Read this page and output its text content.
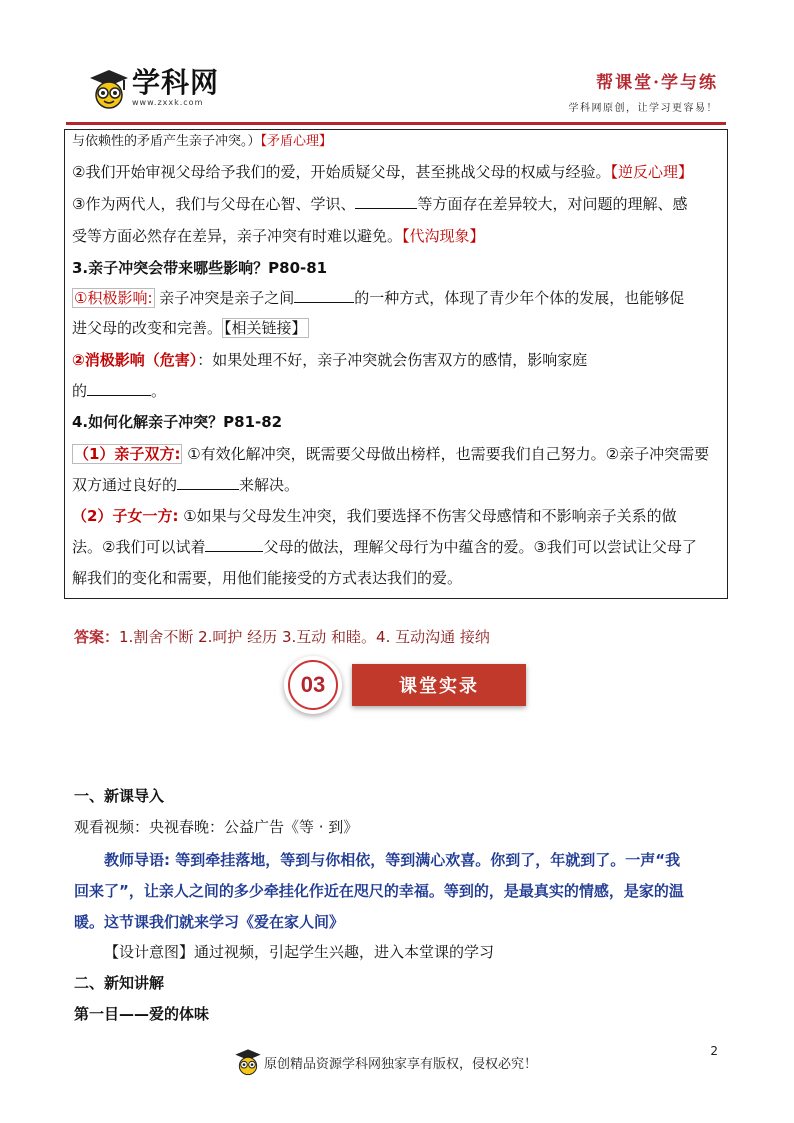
学科网
www.zxxk.com
帮课堂·学与练
学科网原创，让学习更容易！
与依赖性的矛盾产生亲子冲突。）【矛盾心理】
②我们开始审视父母给予我们的爱，开始质疑父母，甚至挑战父母的权威与经验。【逆反心理】
③作为两代人，我们与父母在心智、学识、	等方面存在差异较大，对问题的理解、感
受等方面必然存在差异，亲子冲突有时难以避免。【代沟现象】
3.亲子冲突会带来哪些影响？P80-81
①积极影响: 亲子冲突是亲子之间	的一种方式，体现了青少年个体的发展，也能够促
进父母的改变和完善。 【相关链接】
②消极影响（危害）：如果处理不好，亲子冲突就会伤害双方的感情，影响家庭
的	。
4.如何化解亲子冲突？P81-82
（1）亲子双方: ①有效化解冲突，既需要父母做出榜样，也需要我们自己努力。②亲子冲突需要
双方通过良好的	来解决。
（2）子女一方: ①如果与父母发生冲突，我们要选择不伤害父母感情和不影响亲子关系的做
法。②我们可以试着	父母的做法，理解父母行为中蕴含的爱。③我们可以尝试让父母了
解我们的变化和需要，用他们能接受的方式表达我们的爱。
答案：1.割舍不断 2.呵护 经历 3.互动 和睦。4. 互动沟通 接纳
03	课堂实录
一、新课导入
观看视频：央视春晚：公益广告《等 · 到》
教师导语: 等到牵挂落地，等到与你相依，等到满心欢喜。你到了，年就到了。一声“我
回来了”，让亲人之间的多少牵挂化作近在咫尺的幸福。等到的，是最真实的情感，是家的温
暖。这节课我们就来学习《爱在家人间》
【设计意图】通过视频，引起学生兴趣，进入本堂课的学习
二、新知讲解
第一目——爱的体味
原创精品资源学科网独家享有版权，侵权必究！
2
